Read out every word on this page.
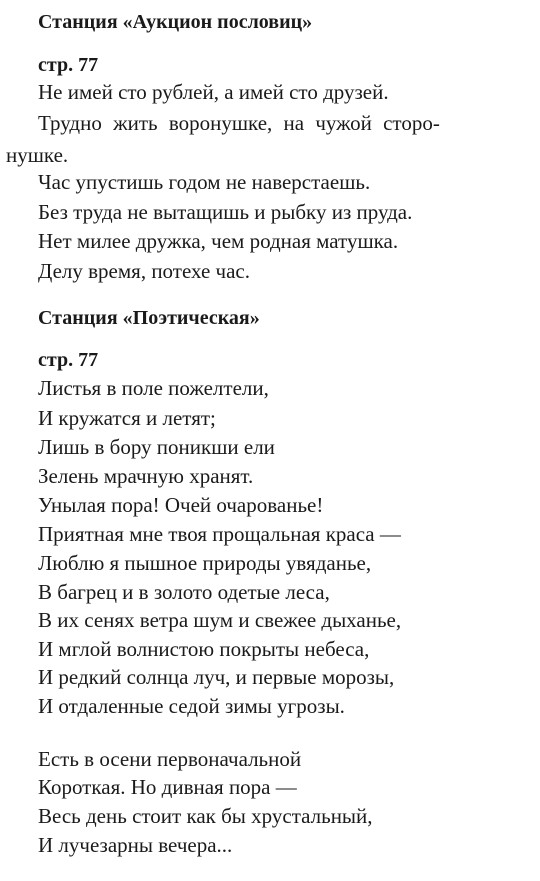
Станция «Аукцион пословиц»
стр. 77
Не имей сто рублей, а имей сто друзей.
Трудно жить воронушке, на чужой сторо-
нушке.
Час упустишь годом не наверстаешь.
Без труда не вытащишь и рыбку из пруда.
Нет милее дружка, чем родная матушка.
Делу время, потехе час.
Станция «Поэтическая»
стр. 77
Листья в поле пожелтели,
И кружатся и летят;
Лишь в бору поникши ели
Зелень мрачную хранят.
Унылая пора! Очей очарованье!
Приятная мне твоя прощальная краса —
Люблю я пышное природы увяданье,
В багрец и в золото одетые леса,
В их сенях ветра шум и свежее дыханье,
И мглой волнистою покрыты небеса,
И редкий солнца луч, и первые морозы,
И отдаленные седой зимы угрозы.
Есть в осени первоначальной
Короткая. Но дивная пора —
Весь день стоит как бы хрустальный,
И лучезарны вечера...
